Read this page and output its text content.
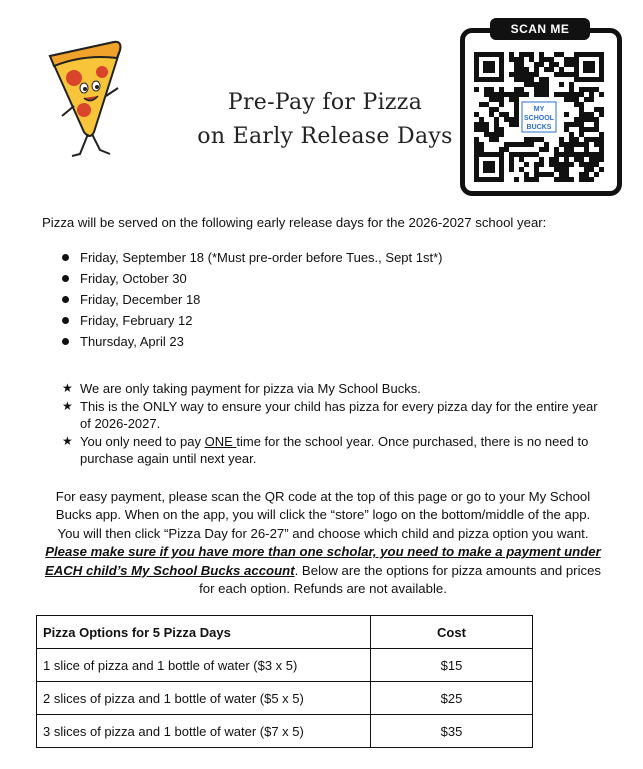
Pre-Pay for Pizza
on Early Release Days
SCAN ME
MY
SCHOOL
BUCKS
Pizza will be served on the following early release days for the 2026-2027 school year:
Friday, September 18 (*Must pre-order before Tues., Sept 1st*)
Friday, October 30
Friday, December 18
Friday, February 12
Thursday, April 23
★ We are only taking payment for pizza via My School Bucks.
★ This is the ONLY way to ensure your child has pizza for every pizza day for the entire year of 2026-2027.
★ You only need to pay ONE time for the school year. Once purchased, there is no need to purchase again until next year.
For easy payment, please scan the QR code at the top of this page or go to your My School Bucks app. When on the app, you will click the “store” logo on the bottom/middle of the app. You will then click “Pizza Day for 26-27” and choose which child and pizza option you want. Please make sure if you have more than one scholar, you need to make a payment under EACH child’s My School Bucks account. Below are the options for pizza amounts and prices for each option. Refunds are not available.
Pizza Options for 5 Pizza Days	Cost
1 slice of pizza and 1 bottle of water ($3 x 5)	$15
2 slices of pizza and 1 bottle of water ($5 x 5)	$25
3 slices of pizza and 1 bottle of water ($7 x 5)	$35
